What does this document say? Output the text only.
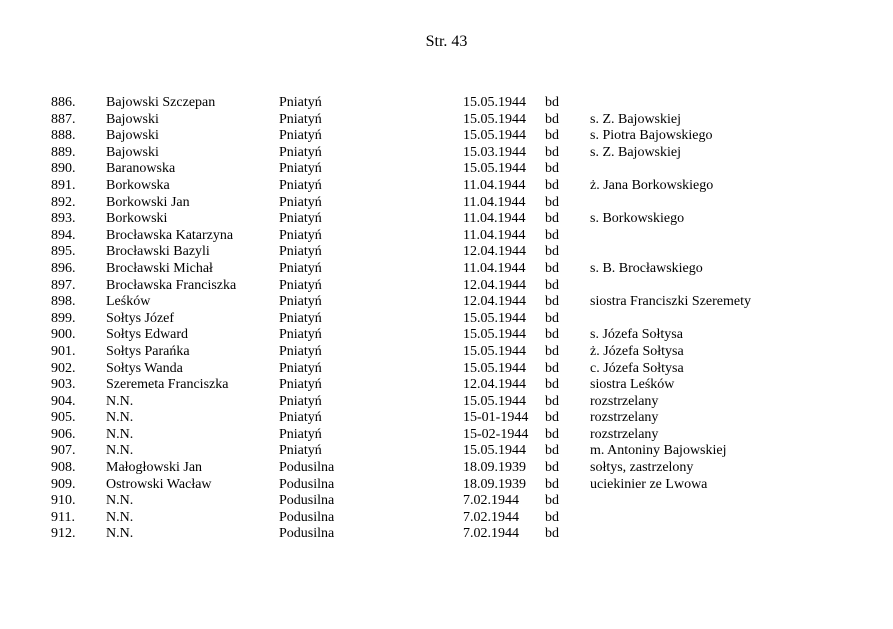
Str. 43
886. Bajowski Szczepan	Pniatyń	15.05.1944 bd
887. Bajowski	Pniatyń	15.05.1944 bd s. Z. Bajowskiej
888. Bajowski	Pniatyń	15.05.1944 bd s. Piotra Bajowskiego
889. Bajowski	Pniatyń	15.03.1944 bd s. Z. Bajowskiej
890. Baranowska	Pniatyń	15.05.1944 bd
891. Borkowska	Pniatyń	11.04.1944 bd ż. Jana Borkowskiego
892. Borkowski Jan	Pniatyń	11.04.1944 bd
893. Borkowski	Pniatyń	11.04.1944 bd s. Borkowskiego
894. Brocławska Katarzyna	Pniatyń	11.04.1944 bd
895. Brocławski Bazyli	Pniatyń	12.04.1944 bd
896. Brocławski Michał	Pniatyń	11.04.1944 bd s. B. Brocławskiego
897. Brocławska Franciszka	Pniatyń	12.04.1944 bd
898. Leśków	Pniatyń	12.04.1944 bd siostra Franciszki Szeremety
899. Sołtys Józef	Pniatyń	15.05.1944 bd
900. Sołtys Edward	Pniatyń	15.05.1944 bd s. Józefa Sołtysa
901. Sołtys Parańka	Pniatyń	15.05.1944 bd ż. Józefa Sołtysa
902. Sołtys Wanda	Pniatyń	15.05.1944 bd c. Józefa Sołtysa
903. Szeremeta Franciszka	Pniatyń	12.04.1944 bd siostra Leśków
904. N.N.	Pniatyń	15.05.1944 bd rozstrzelany
905. N.N.	Pniatyń	15-01-1944 bd rozstrzelany
906. N.N.	Pniatyń	15-02-1944 bd rozstrzelany
907. N.N.	Pniatyń	15.05.1944 bd m. Antoniny Bajowskiej
908. Małogłowski Jan	Podusilna	18.09.1939 bd sołtys, zastrzelony
909. Ostrowski Wacław	Podusilna	18.09.1939 bd uciekinier ze Lwowa
910. N.N.	Podusilna	7.02.1944 bd
911. N.N.	Podusilna	7.02.1944 bd
912. N.N.	Podusilna	7.02.1944 bd
